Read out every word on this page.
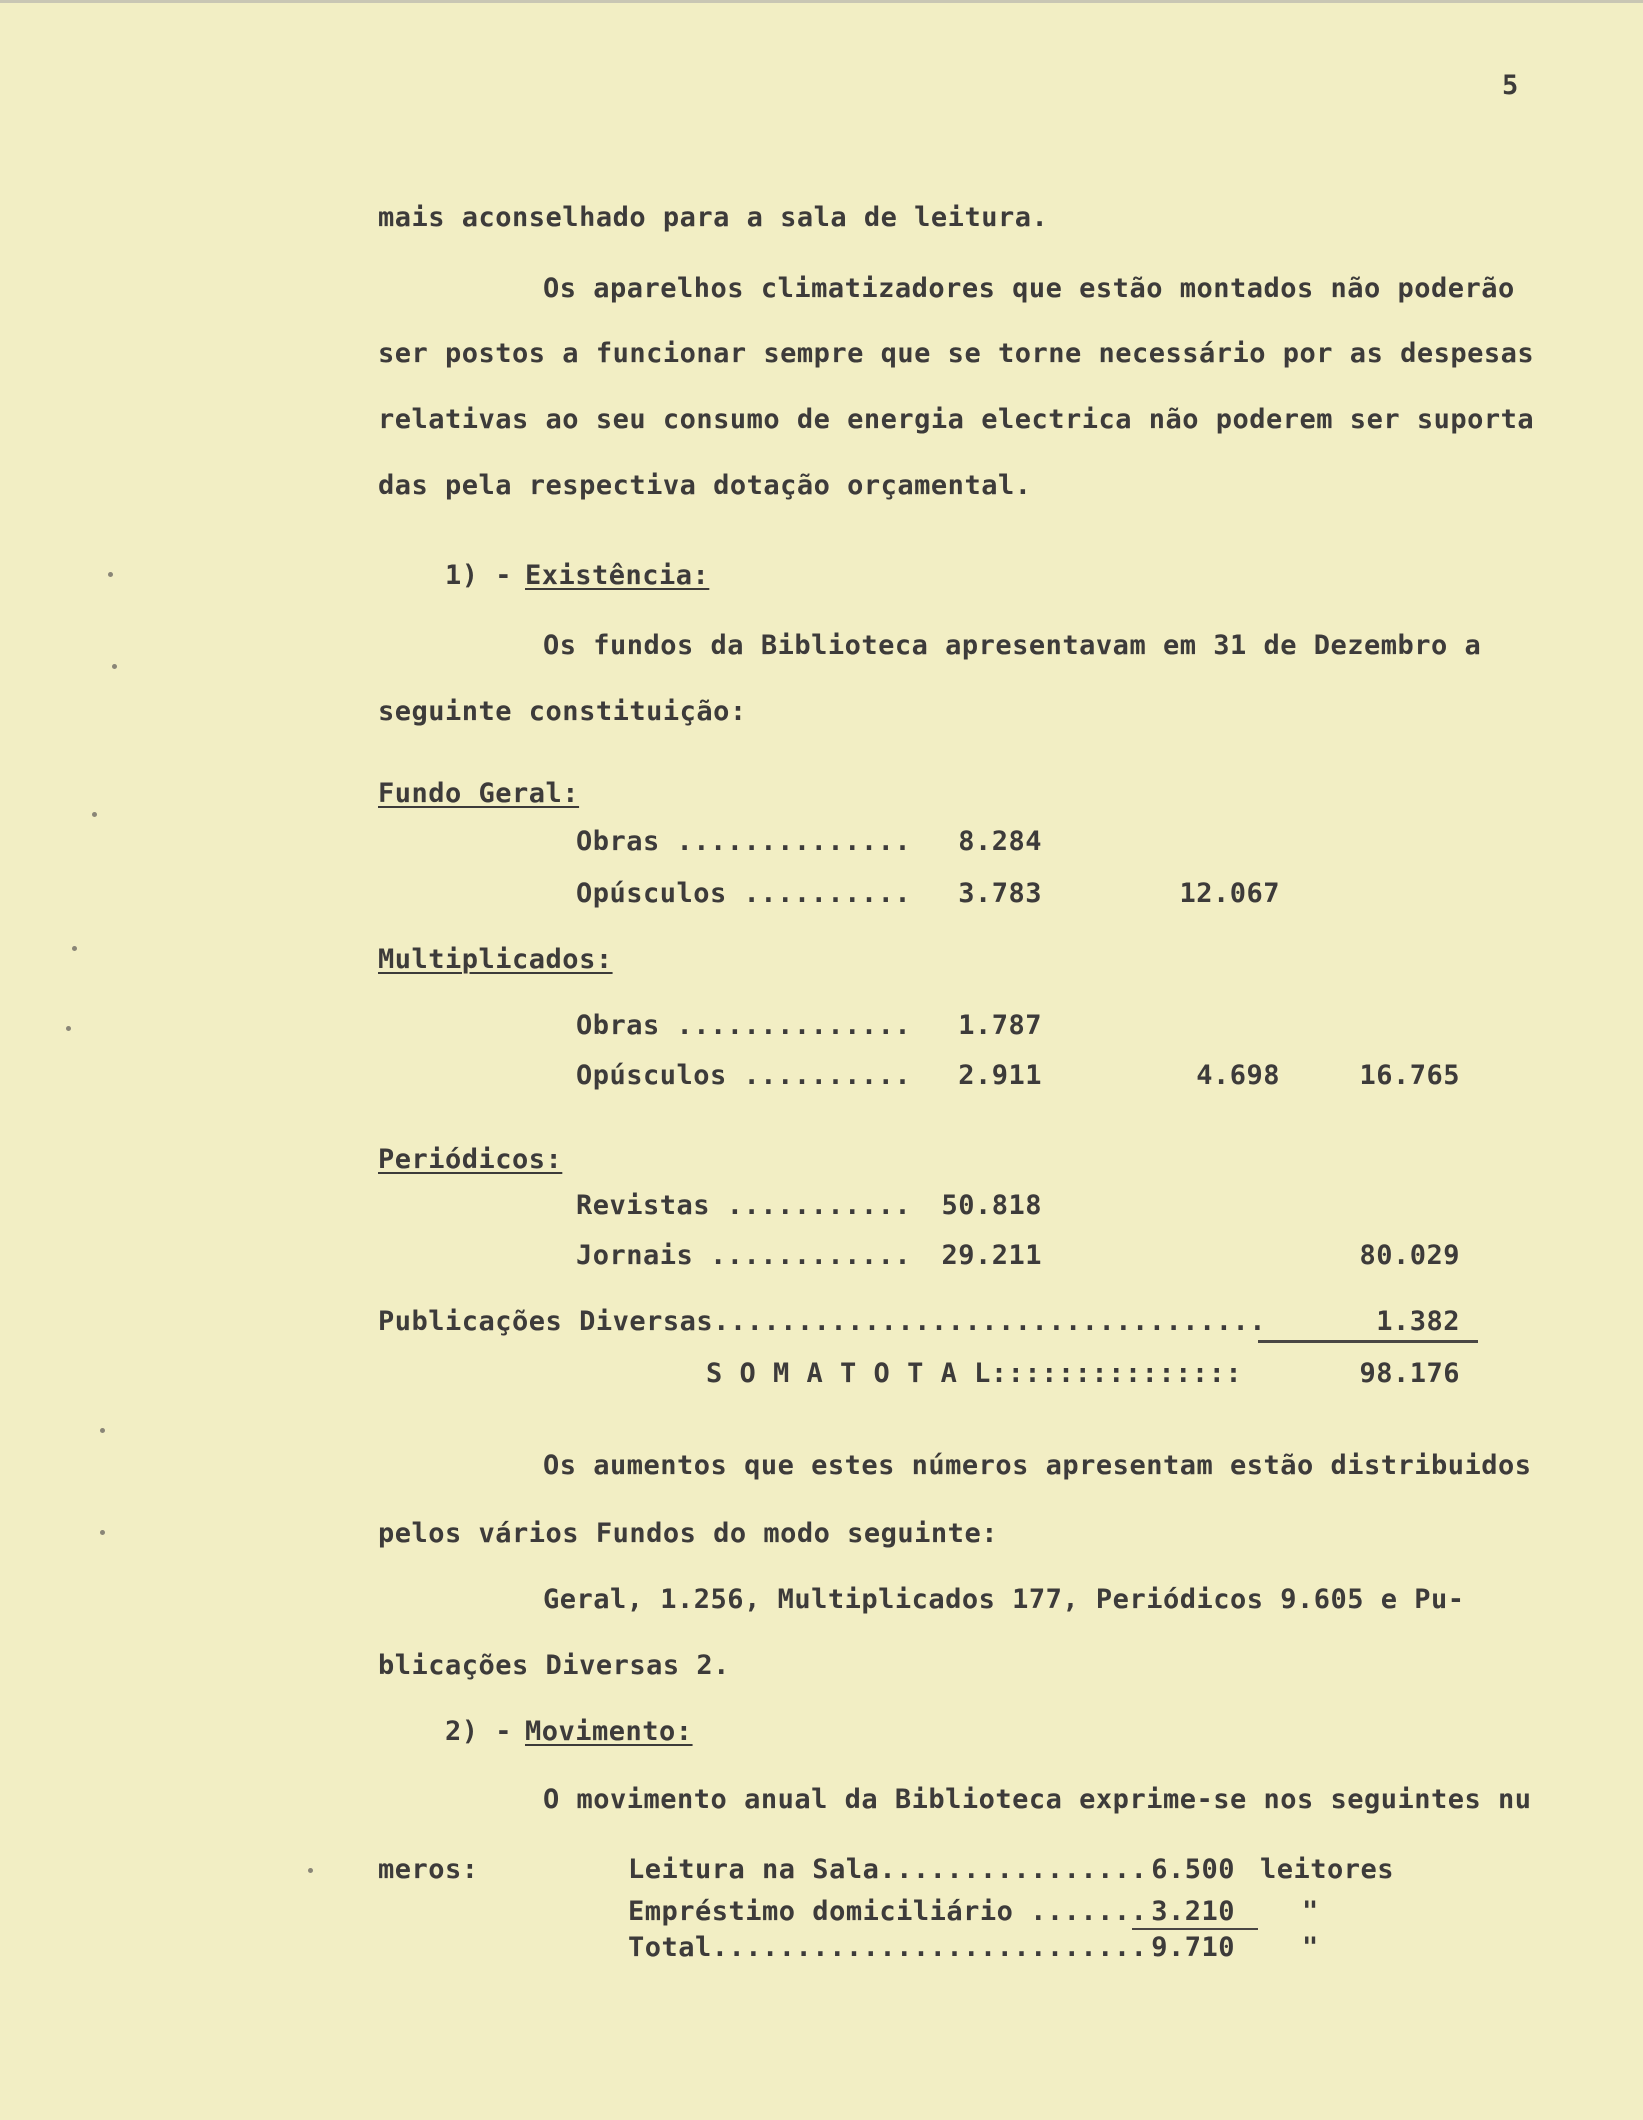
5
mais aconselhado para a sala de leitura.
Os aparelhos climatizadores que estão montados não poderão
ser postos a funcionar sempre que se torne necessário por as despesas
relativas ao seu consumo de energia electrica não poderem ser suporta
das pela respectiva dotação orçamental.
1) - Existência:
Os fundos da Biblioteca apresentavam em 31 de Dezembro a
seguinte constituição:
Fundo Geral:
Obras ..............	8.284
Opúsculos ..........	3.783	12.067
Multiplicados:
Obras ..............	1.787
Opúsculos ..........	2.911	4.698	16.765
Periódicos:
Revistas ...........	50.818
Jornais ............	29.211	80.029
Publicações Diversas.................................	1.382
S O M A T O T A L:::::::::::::::	98.176
Os aumentos que estes números apresentam estão distribuidos
pelos vários Fundos do modo seguinte:
Geral, 1.256, Multiplicados 177, Periódicos 9.605 e Pu-
blicações Diversas 2.
2) - Movimento:
O movimento anual da Biblioteca exprime-se nos seguintes nu
meros:	Leitura na Sala................ 6.500 leitores
Empréstimo domiciliário ....... 3.210 "
Total.......................... 9.710 "
